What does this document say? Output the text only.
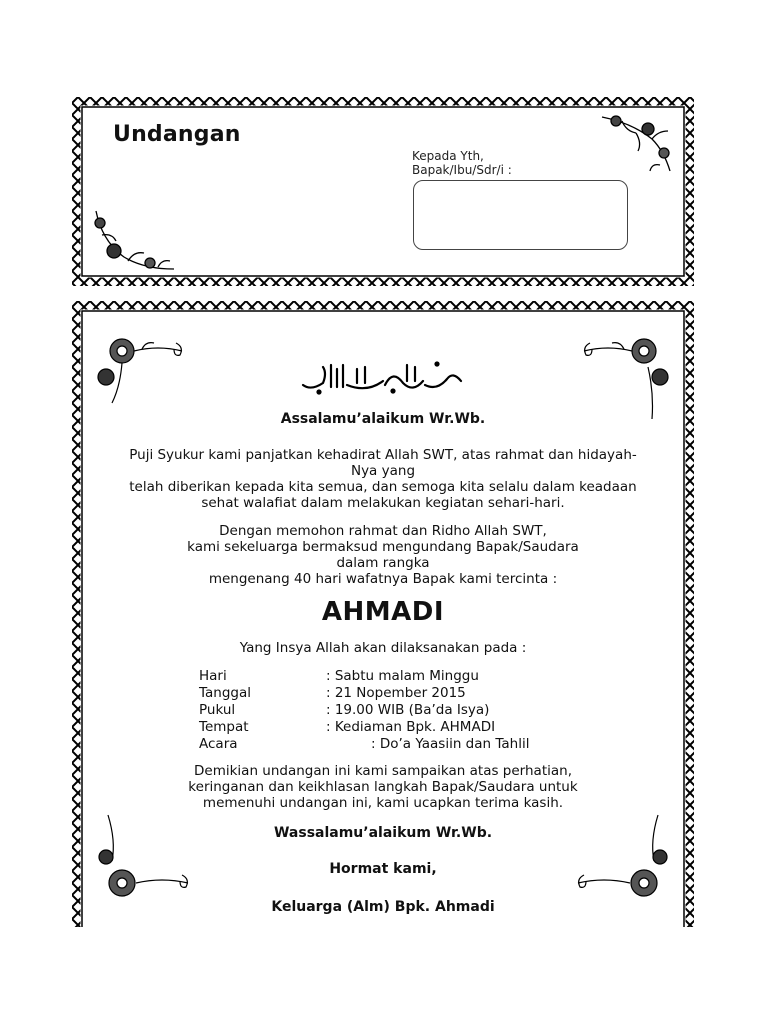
Undangan
Kepada Yth,
Bapak/Ibu/Sdr/i :
Assalamu’alaikum Wr.Wb.
Puji Syukur kami panjatkan kehadirat Allah SWT, atas rahmat dan hidayah-
Nya yang
telah diberikan kepada kita semua, dan semoga kita selalu dalam keadaan
sehat walafiat dalam melakukan kegiatan sehari-hari.
Dengan memohon rahmat dan Ridho Allah SWT,
kami sekeluarga bermaksud mengundang Bapak/Saudara
dalam rangka
mengenang 40 hari wafatnya Bapak kami tercinta :
AHMADI
Yang Insya Allah akan dilaksanakan pada :
Hari	: Sabtu malam Minggu
Tanggal	: 21 Nopember 2015
Pukul	: 19.00 WIB (Ba’da Isya)
Tempat	: Kediaman Bpk. AHMADI
Acara	: Do’a Yaasiin dan Tahlil
Demikian undangan ini kami sampaikan atas perhatian,
keringanan dan keikhlasan langkah Bapak/Saudara untuk
memenuhi undangan ini, kami ucapkan terima kasih.
Wassalamu’alaikum Wr.Wb.
Hormat kami,
Keluarga (Alm) Bpk. Ahmadi
